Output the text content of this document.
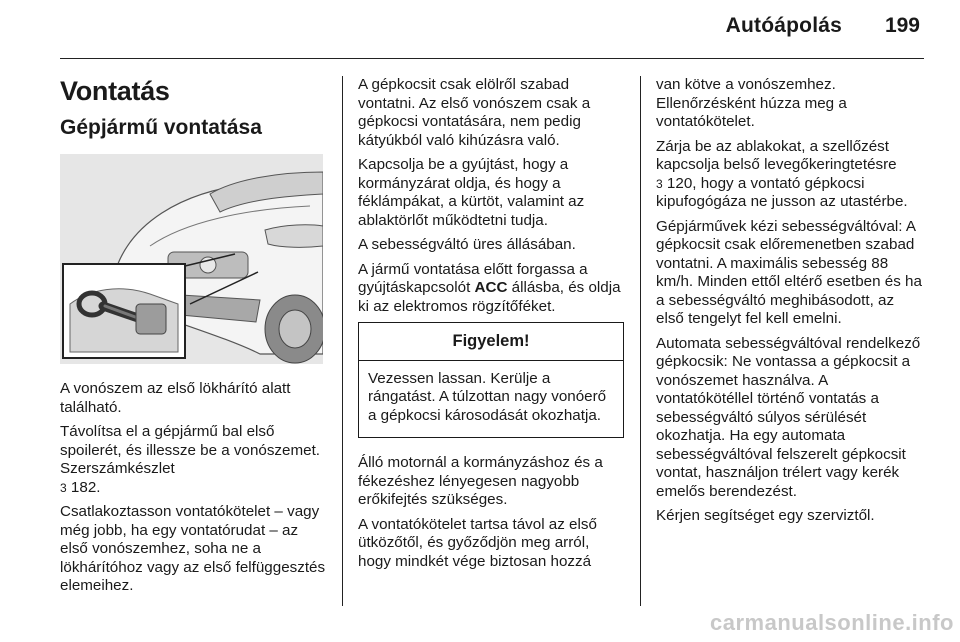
Autóápolás 199
Vontatás
Gépjármű vontatása

A vonószem az első lökhárító alatt található.

Távolítsa el a gépjármű bal első spoilerét, és illessze be a vonószemet. Szerszámkészlet
3 182.

Csatlakoztasson vontatókötelet – vagy még jobb, ha egy vontatórudat – az első vonószemhez, soha ne a lökhárítóhoz vagy az első felfüggesztés elemeihez.

A gépkocsit csak elölről szabad vontatni. Az első vonószem csak a gépkocsi vontatására, nem pedig kátyúkból való kihúzásra való.

Kapcsolja be a gyújtást, hogy a kormányzárat oldja, és hogy a féklámpákat, a kürtöt, valamint az ablaktörlőt működtetni tudja.

A sebességváltó üres állásában.

A jármű vontatása előtt forgassa a gyújtáskapcsolót ACC állásba, és oldja ki az elektromos rögzítőféket.

Figyelem!

Vezessen lassan. Kerülje a rángatást. A túlzottan nagy vonóerő a gépkocsi károsodását okozhatja.

Álló motornál a kormányzáshoz és a fékezéshez lényegesen nagyobb erőkifejtés szükséges.

A vontatókötelet tartsa távol az első ütközőtől, és győződjön meg arról, hogy mindkét vége biztosan hozzá

van kötve a vonószemhez. Ellenőrzésként húzza meg a vontatókötelet.

Zárja be az ablakokat, a szellőzést kapcsolja belső levegőkeringtetésre
3 120, hogy a vontató gépkocsi kipufogógáza ne jusson az utastérbe.

Gépjárművek kézi sebességváltóval: A gépkocsit csak előremenetben szabad vontatni. A maximális sebesség 88 km/h. Minden ettől eltérő esetben és ha a sebességváltó meghibásodott, az első tengelyt fel kell emelni.

Automata sebességváltóval rendelkező gépkocsik: Ne vontassa a gépkocsit a vonószemet használva. A vontatókötéllel történő vontatás a sebességváltó súlyos sérülését okozhatja. Ha egy automata sebességváltóval felszerelt gépkocsit vontat, használjon trélert vagy kerék emelős berendezést.

Kérjen segítséget egy szerviztől.

carmanualsonline.info
